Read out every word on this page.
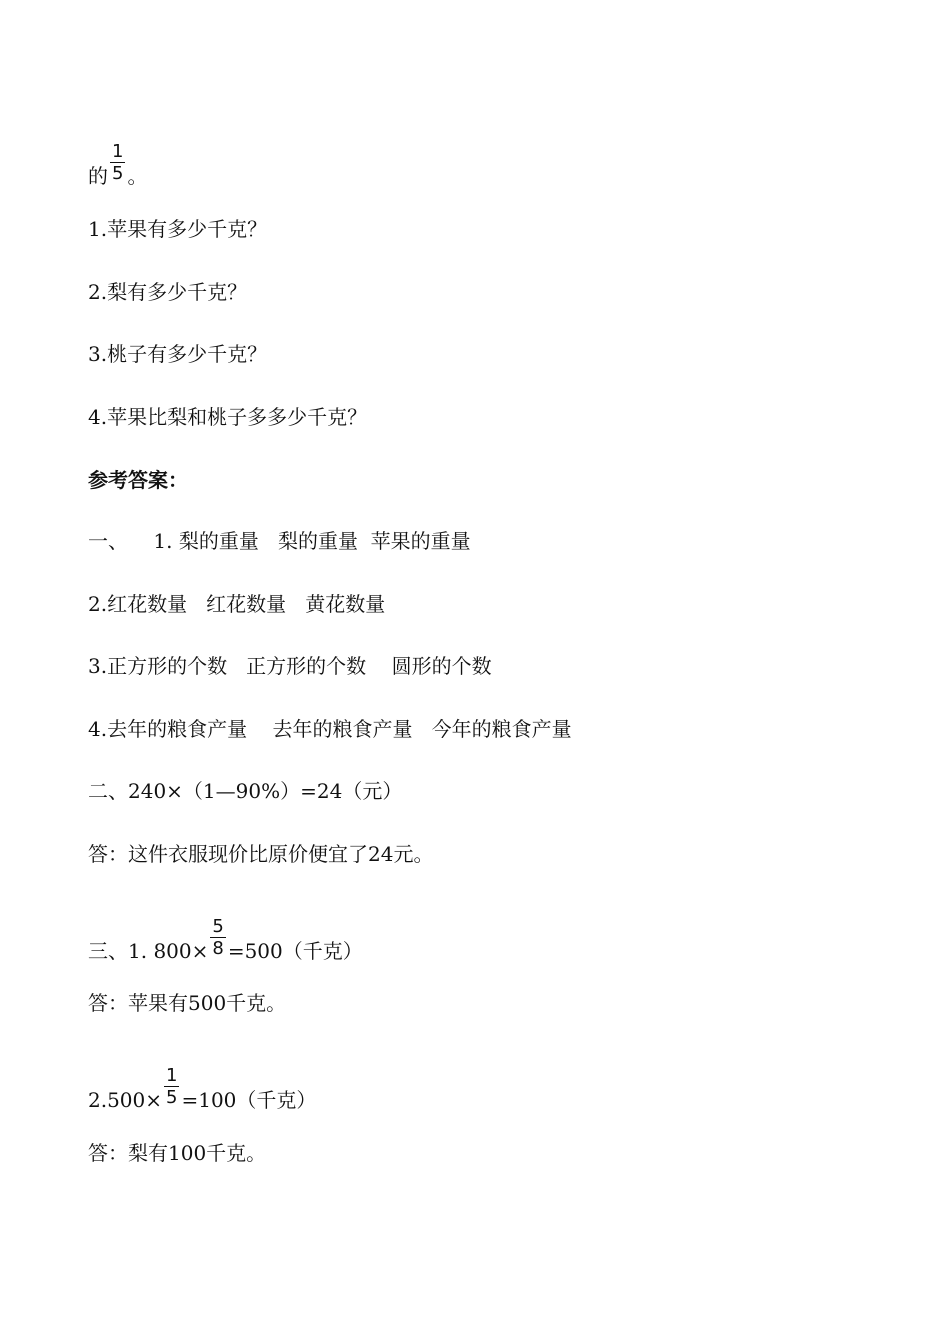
的 $\frac{1}{5}$ 。
1.苹果有多少千克？
2.梨有多少千克？
3.桃子有多少千克？
4.苹果比梨和桃子多多少千克？
参考答案：
一、    1. 梨的重量   梨的重量  苹果的重量
2.红花数量   红花数量   黄花数量
3.正方形的个数   正方形的个数    圆形的个数
4.去年的粮食产量    去年的粮食产量   今年的粮食产量
二、240×（1—90%）=24（元）
答：这件衣服现价比原价便宜了24元。
三、1. $800\times \frac{5}{8} =500$（千克）
答：苹果有500千克。
$2.500\times \frac{1}{5} =100$（千克）
答：梨有100千克。
